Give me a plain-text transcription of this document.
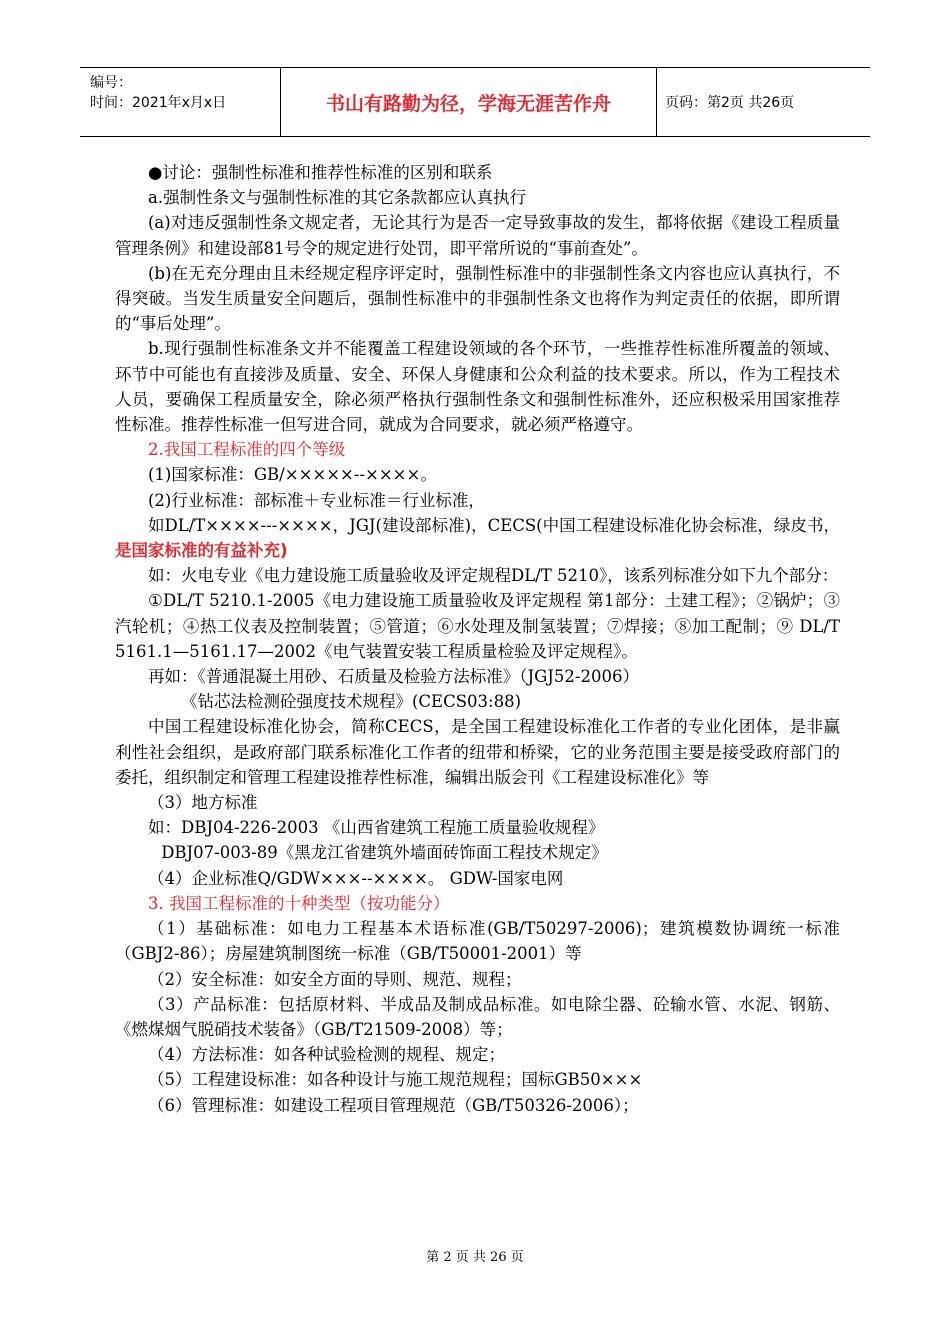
编号：
时间：2021年x月x日	书山有路勤为径，学海无涯苦作舟	页码：第2页 共26页

●讨论：强制性标准和推荐性标准的区别和联系

a.强制性条文与强制性标准的其它条款都应认真执行

(a)对违反强制性条文规定者，无论其行为是否一定导致事故的发生，都将依据《建设工程质量管理条例》和建设部81号令的规定进行处罚，即平常所说的“事前查处”。

(b)在无充分理由且未经规定程序评定时，强制性标准中的非强制性条文内容也应认真执行，不得突破。当发生质量安全问题后，强制性标准中的非强制性条文也将作为判定责任的依据，即所谓的“事后处理”。

b.现行强制性标准条文并不能覆盖工程建设领域的各个环节，一些推荐性标准所覆盖的领域、环节中可能也有直接涉及质量、安全、环保人身健康和公众利益的技术要求。所以，作为工程技术人员，要确保工程质量安全，除必须严格执行强制性条文和强制性标准外，还应积极采用国家推荐性标准。推荐性标准一但写进合同，就成为合同要求，就必须严格遵守。

2.我国工程标准的四个等级

(1)国家标准：GB/×××××--××××。

(2)行业标准：部标准＋专业标准＝行业标准，

如DL/T××××---××××，JGJ(建设部标准)，CECS(中国工程建设标准化协会标准，绿皮书，是国家标准的有益补充)

如：火电专业《电力建设施工质量验收及评定规程DL/T 5210》，该系列标准分如下九个部分：

①DL/T 5210.1-2005《电力建设施工质量验收及评定规程 第1部分：土建工程》；②锅炉；③汽轮机；④热工仪表及控制装置；⑤管道；⑥水处理及制氢装置；⑦焊接；⑧加工配制；⑨ DL/T 5161.1—5161.17—2002《电气装置安装工程质量检验及评定规程》。

再如：《普通混凝土用砂、石质量及检验方法标准》（JGJ52-2006）

《钻芯法检测砼强度技术规程》(CECS03:88)

中国工程建设标准化协会，简称CECS，是全国工程建设标准化工作者的专业化团体，是非赢利性社会组织，是政府部门联系标准化工作者的纽带和桥梁，它的业务范围主要是接受政府部门的委托，组织制定和管理工程建设推荐性标准，编辑出版会刊《工程建设标准化》等

（3）地方标准

如：DBJ04-226-2003 《山西省建筑工程施工质量验收规程》

DBJ07-003-89《黑龙江省建筑外墙面砖饰面工程技术规定》

（4）企业标准Q/GDW×××--××××。 GDW-国家电网

3. 我国工程标准的十种类型（按功能分）

（1）基础标准：如电力工程基本术语标准(GB/T50297-2006)；建筑模数协调统一标准（GBJ2-86）；房屋建筑制图统一标准（GB/T50001-2001）等

（2）安全标准：如安全方面的导则、规范、规程；

（3）产品标准：包括原材料、半成品及制成品标准。如电除尘器、砼输水管、水泥、钢筋、《燃煤烟气脱硝技术装备》（GB/T21509-2008）等；

（4）方法标准：如各种试验检测的规程、规定；

（5）工程建设标准：如各种设计与施工规范规程；国标GB50×××

（6）管理标准：如建设工程项目管理规范（GB/T50326-2006）；

第 2 页 共 26 页
